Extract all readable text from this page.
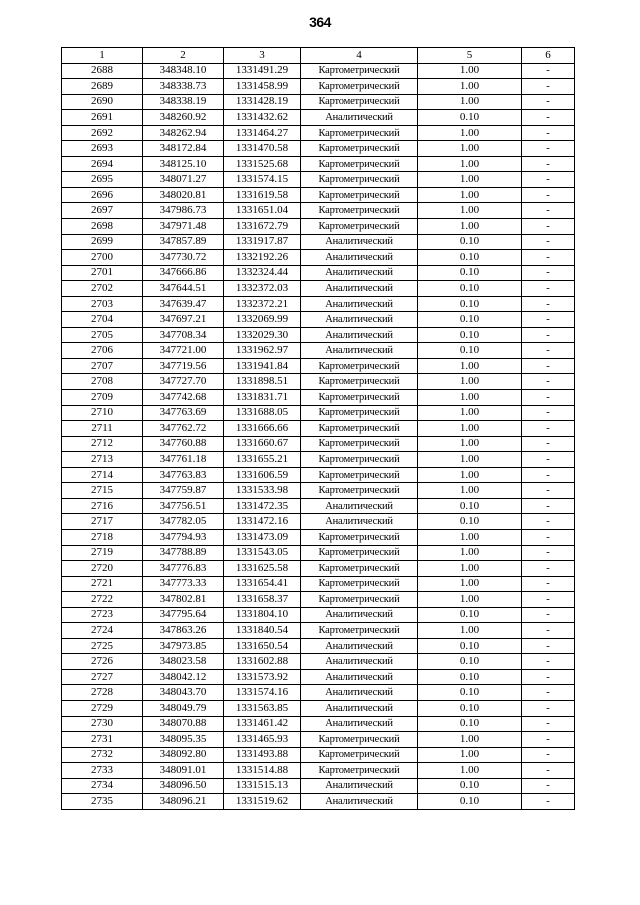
364
1	2	3	4	5	6
2688	348348.10	1331491.29	Картометрический	1.00	-
2689	348338.73	1331458.99	Картометрический	1.00	-
2690	348338.19	1331428.19	Картометрический	1.00	-
2691	348260.92	1331432.62	Аналитический	0.10	-
2692	348262.94	1331464.27	Картометрический	1.00	-
2693	348172.84	1331470.58	Картометрический	1.00	-
2694	348125.10	1331525.68	Картометрический	1.00	-
2695	348071.27	1331574.15	Картометрический	1.00	-
2696	348020.81	1331619.58	Картометрический	1.00	-
2697	347986.73	1331651.04	Картометрический	1.00	-
2698	347971.48	1331672.79	Картометрический	1.00	-
2699	347857.89	1331917.87	Аналитический	0.10	-
2700	347730.72	1332192.26	Аналитический	0.10	-
2701	347666.86	1332324.44	Аналитический	0.10	-
2702	347644.51	1332372.03	Аналитический	0.10	-
2703	347639.47	1332372.21	Аналитический	0.10	-
2704	347697.21	1332069.99	Аналитический	0.10	-
2705	347708.34	1332029.30	Аналитический	0.10	-
2706	347721.00	1331962.97	Аналитический	0.10	-
2707	347719.56	1331941.84	Картометрический	1.00	-
2708	347727.70	1331898.51	Картометрический	1.00	-
2709	347742.68	1331831.71	Картометрический	1.00	-
2710	347763.69	1331688.05	Картометрический	1.00	-
2711	347762.72	1331666.66	Картометрический	1.00	-
2712	347760.88	1331660.67	Картометрический	1.00	-
2713	347761.18	1331655.21	Картометрический	1.00	-
2714	347763.83	1331606.59	Картометрический	1.00	-
2715	347759.87	1331533.98	Картометрический	1.00	-
2716	347756.51	1331472.35	Аналитический	0.10	-
2717	347782.05	1331472.16	Аналитический	0.10	-
2718	347794.93	1331473.09	Картометрический	1.00	-
2719	347788.89	1331543.05	Картометрический	1.00	-
2720	347776.83	1331625.58	Картометрический	1.00	-
2721	347773.33	1331654.41	Картометрический	1.00	-
2722	347802.81	1331658.37	Картометрический	1.00	-
2723	347795.64	1331804.10	Аналитический	0.10	-
2724	347863.26	1331840.54	Картометрический	1.00	-
2725	347973.85	1331650.54	Аналитический	0.10	-
2726	348023.58	1331602.88	Аналитический	0.10	-
2727	348042.12	1331573.92	Аналитический	0.10	-
2728	348043.70	1331574.16	Аналитический	0.10	-
2729	348049.79	1331563.85	Аналитический	0.10	-
2730	348070.88	1331461.42	Аналитический	0.10	-
2731	348095.35	1331465.93	Картометрический	1.00	-
2732	348092.80	1331493.88	Картометрический	1.00	-
2733	348091.01	1331514.88	Картометрический	1.00	-
2734	348096.50	1331515.13	Аналитический	0.10	-
2735	348096.21	1331519.62	Аналитический	0.10	-
